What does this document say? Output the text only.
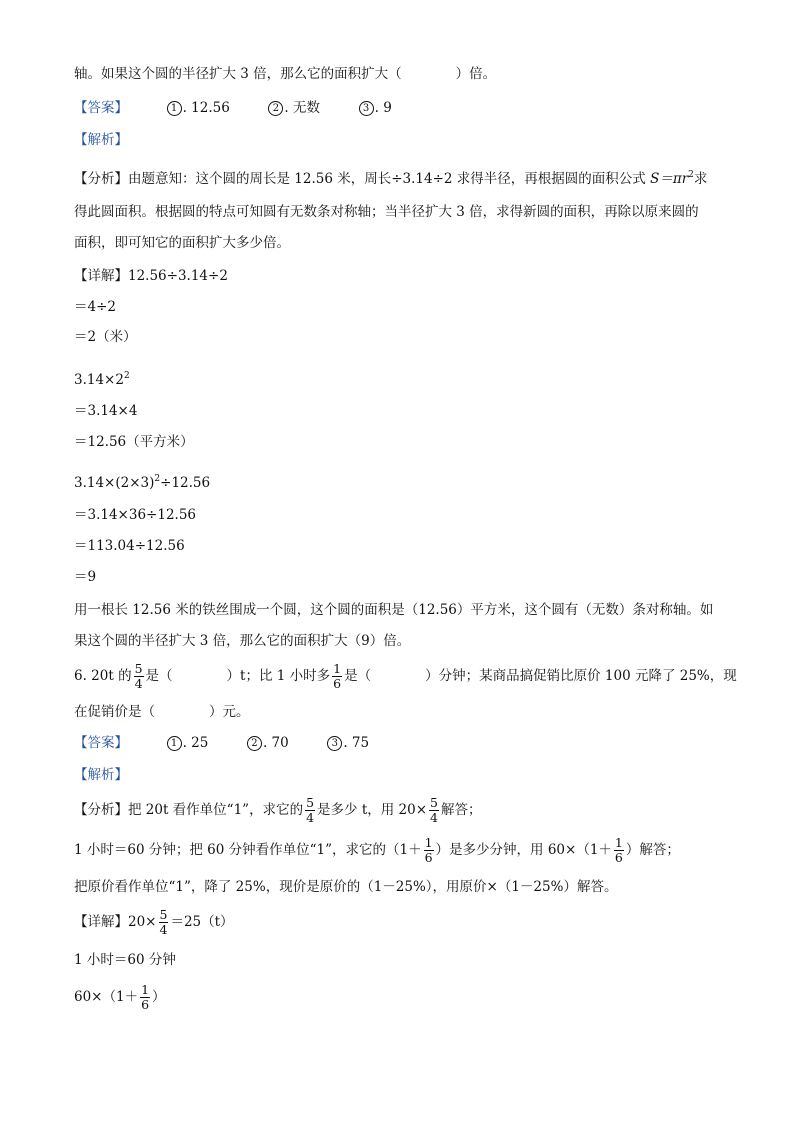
轴。如果这个圆的半径扩大 3 倍，那么它的面积扩大（　　　　）倍。
【答案】	1 . 12.56	2 . 无数	3 . 9
【解析】
【分析】由题意知：这个圆的周长是 12.56 米，周长÷3.14÷2 求得半径，再根据圆的面积公式 $S=\pi r^2$求
得此圆面积。根据圆的特点可知圆有无数条对称轴；当半径扩大 3 倍，求得新圆的面积，再除以原来圆的
面积，即可知它的面积扩大多少倍。
【详解】12.56÷3.14÷2
＝4÷2
＝2（米）
$3.14\times 2^2$
＝3.14×4
＝12.56（平方米）
$3.14\times(2\times 3)^2\div 12.56$
＝3.14×36÷12.56
＝113.04÷12.56
＝9
用一根长 12.56 米的铁丝围成一个圆，这个圆的面积是（12.56）平方米，这个圆有（无数）条对称轴。如
果这个圆的半径扩大 3 倍，那么它的面积扩大（9）倍。
6. 20t 的 $\frac{5}{4}$ 是（　　　　）t；比 1 小时多 $\frac{1}{6}$ 是（　　　　）分钟；某商品搞促销比原价 100 元降了 25%，现
在促销价是（　　　　）元。
【答案】	1 . 25	2 . 70	3 . 75
【解析】
【分析】把 20t 看作单位“1”，求它的 $\frac{5}{4}$ 是多少 t，用 $20\times \frac{5}{4}$ 解答；
1 小时＝60 分钟；把 60 分钟看作单位“1”，求它的（$1+ \frac{1}{6}$ ）是多少分钟，用 $60\times(1+ \frac{1}{6}$ ）解答；
把原价看作单位“1”，降了 25%，现价是原价的（1－25%），用原价×（1－25%）解答。
【详解】$20\times \frac{5}{4} =25(t)$
1 小时＝60 分钟
$60\times(1+ \frac{1}{6}$ ）
